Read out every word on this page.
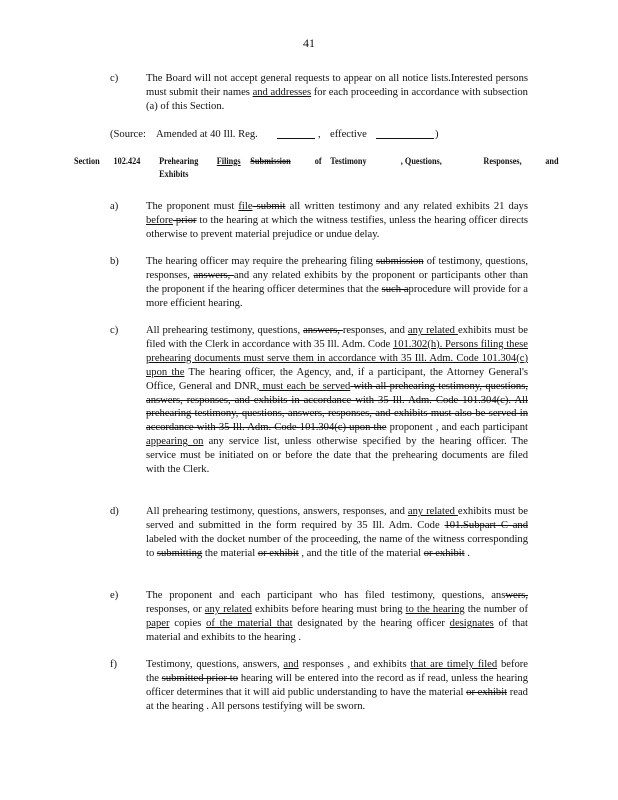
41
c)	The Board will not accept general requests to appear on all notice lists.Interested persons must submit their names and addresses for each proceeding in accordance with subsection (a) of this Section.
(Source: Amended at 40 Ill. Reg.	, effective	)
Section 102.424 Prehearing Filings Submission	of Testimony	, Questions,	Responses, and
Exhibits
a)	The proponent must file submit all written testimony and any related exhibits 21 days before prior to the hearing at which the witness testifies, unless the hearing officer directs otherwise to prevent material prejudice or undue delay.
b)	The hearing officer may require the prehearing filing submission of testimony, questions, responses, answers, and any related exhibits by the proponent or participants other than the proponent if the hearing officer determines that the such aprocedure will provide for a more efficient hearing.
c)	All prehearing testimony, questions, answers, responses, and any related exhibits must be filed with the Clerk in accordance with 35 Ill. Adm. Code 101.302(h). Persons filing these prehearing documents must serve them in accordance with 35 Ill. Adm. Code 101.304(c) upon the The hearing officer, the Agency, and, if a participant, the Attorney General's Office, General and DNR, must each be served with all prehearing testimony, questions, answers, responses, and exhibits in accordance with 35 Ill. Adm. Code 101.304(c). All prehearing testimony, questions, answers, responses, and exhibits must also be served in accordance with 35 Ill. Adm. Code 101.304(c) upon the proponent , and each participant appearing on any service list, unless otherwise specified by the hearing officer. The service must be initiated on or before the date that the prehearing documents are filed with the Clerk.
d)	All prehearing testimony, questions, answers, responses, and any related exhibits must be served and submitted in the form required by 35 Ill. Adm. Code 101.Subpart C and labeled with the docket number of the proceeding, the name of the witness corresponding to submitting the material or exhibit , and the title of the material or exhibit .
e)	The proponent and each participant who has filed testimony, questions, answers, responses, or any related exhibits before hearing must bring to the hearing the number of paper copies of the material that designated by the hearing officer designates of that material and exhibits to the hearing .
f)	Testimony, questions, answers, and responses , and exhibits that are timely filed before the submitted prior to hearing will be entered into the record as if read, unless the hearing officer determines that it will aid public understanding to have the material or exhibit read at the hearing . All persons testifying will be sworn.
